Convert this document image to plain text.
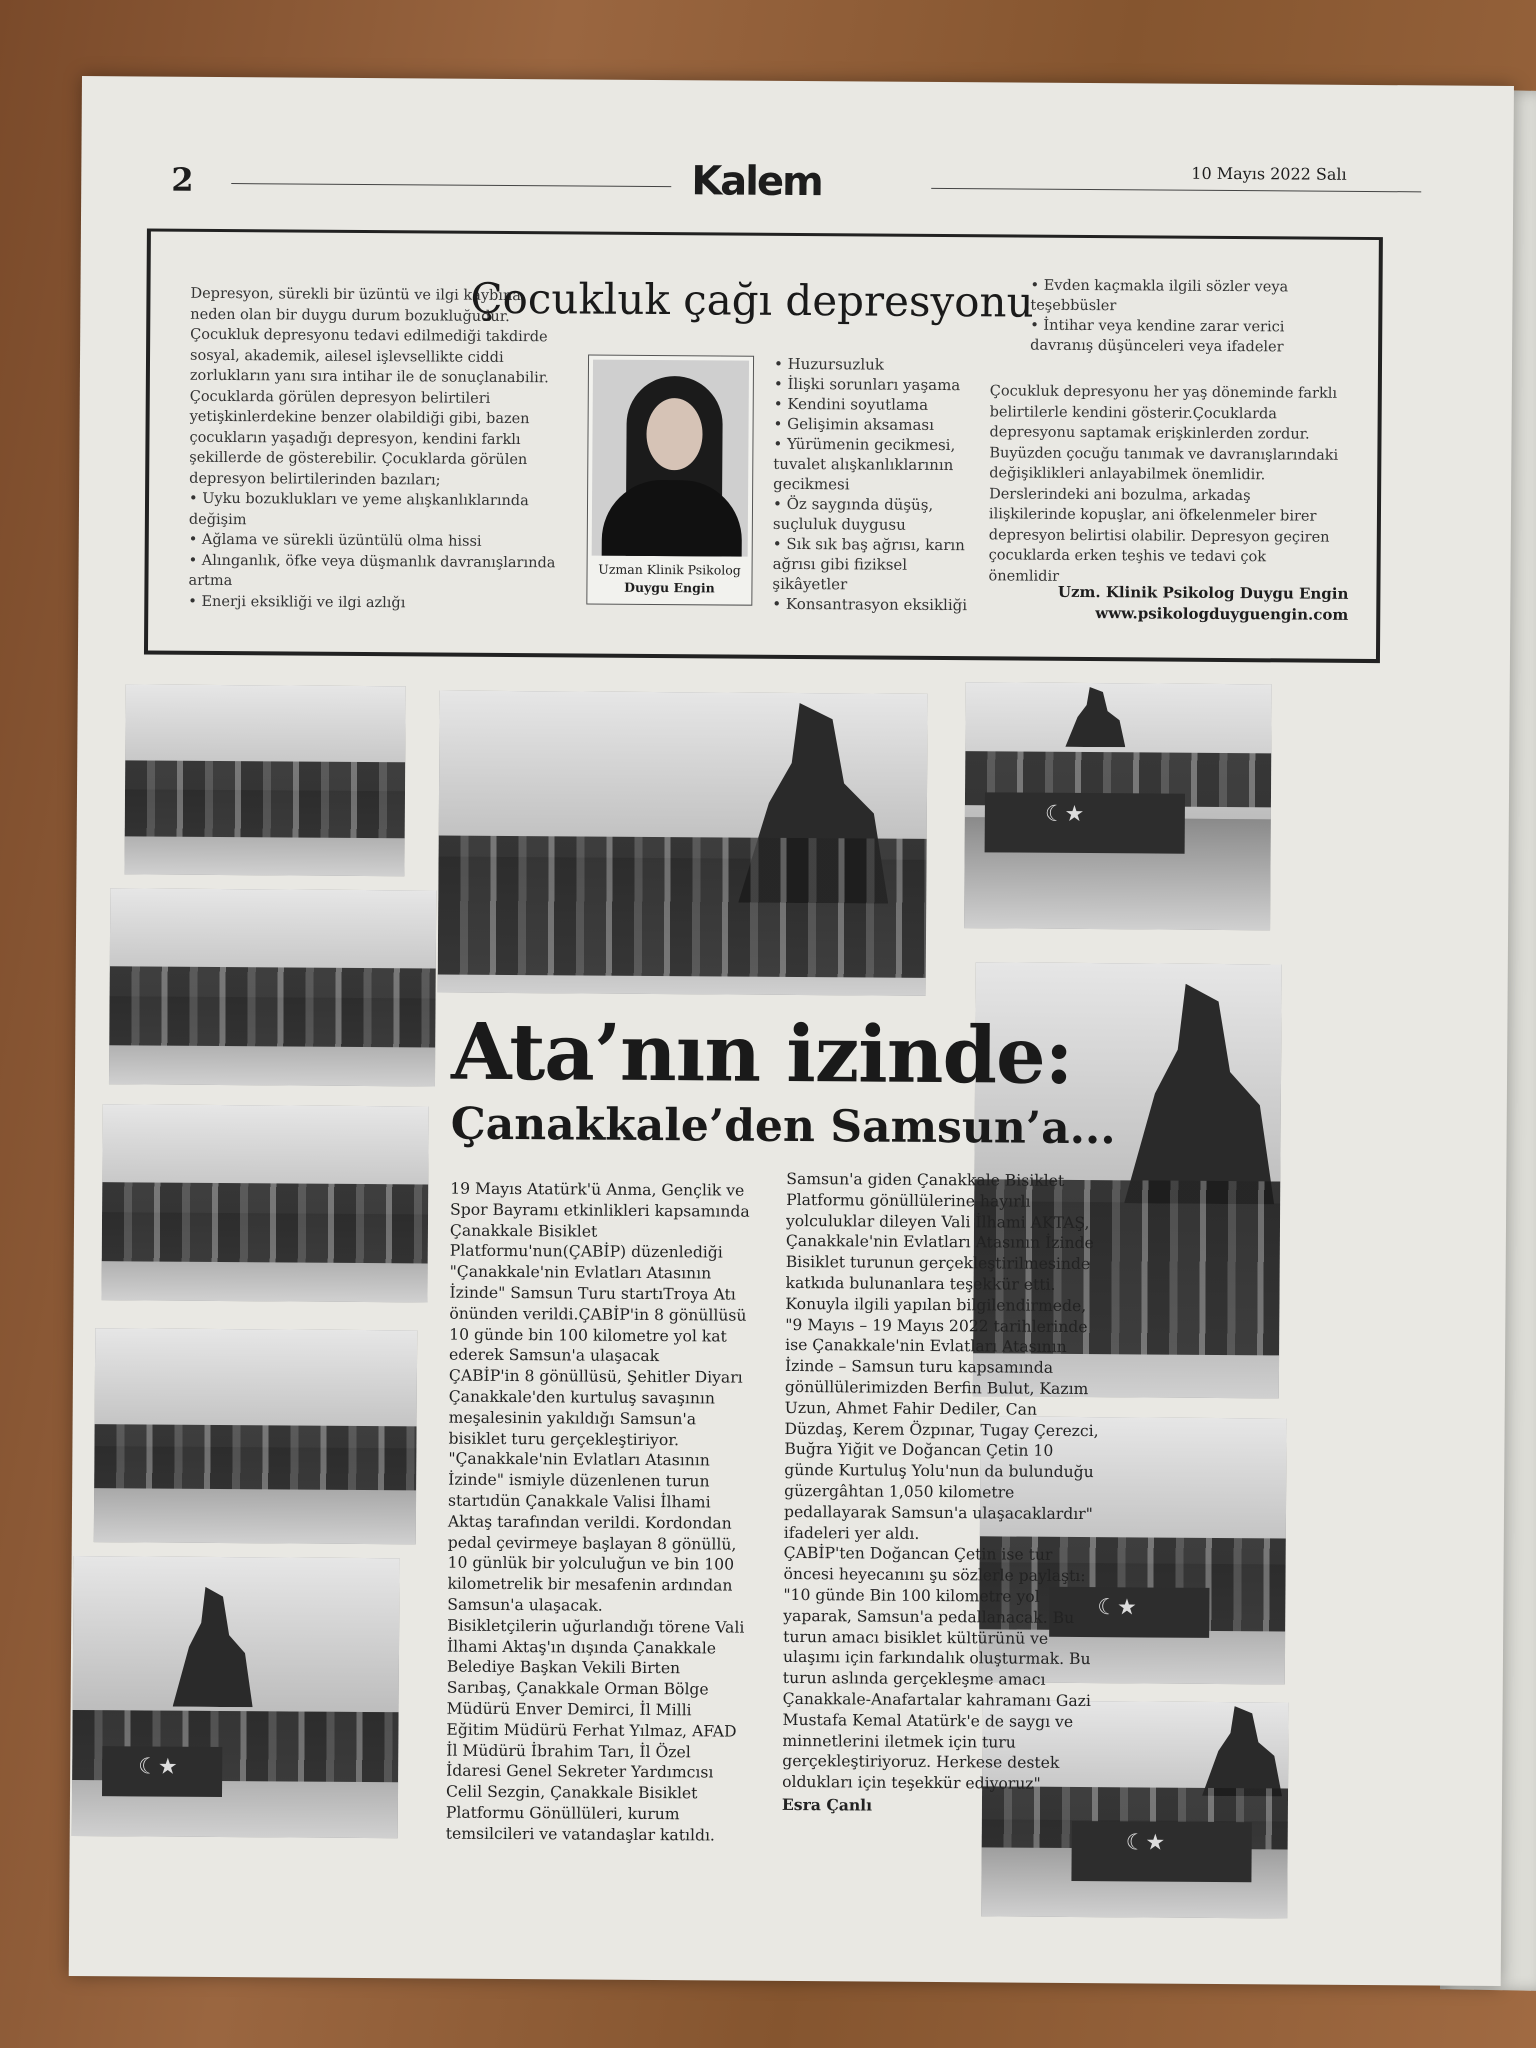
2	Kalem	10 Mayıs 2022 Salı

Depresyon, sürekli bir üzüntü ve ilgi kaybına neden olan bir duygu durum bozukluğudur. Çocukluk depresyonu tedavi edilmediği takdirde sosyal, akademik, ailesel işlevsellikte ciddi zorlukların yanı sıra intihar ile de sonuçlanabilir. Çocuklarda görülen depresyon belirtileri yetişkinlerdekine benzer olabildiği gibi, bazen çocukların yaşadığı depresyon, kendini farklı şekillerde de gösterebilir. Çocuklarda görülen depresyon belirtilerinden bazıları;

• Uyku bozuklukları ve yeme alışkanlıklarında değişim
• Ağlama ve sürekli üzüntülü olma hissi
• Alınganlık, öfke veya düşmanlık davranışlarında artma
• Enerji eksikliği ve ilgi azlığı
Çocukluk çağı depresyonu
Uzman Klinik Psikolog
Duygu Engin
• Huzursuzluk
• İlişki sorunları yaşama
• Kendini soyutlama
• Gelişimin aksaması
• Yürümenin gecikmesi, tuvalet alışkanlıklarının gecikmesi
• Öz saygında düşüş, suçluluk duygusu
• Sık sık baş ağrısı, karın ağrısı gibi fiziksel şikâyetler
• Konsantrasyon eksikliği
• Evden kaçmakla ilgili sözler veya teşebbüsler
• İntihar veya kendine zarar verici davranış düşünceleri veya ifadeler

Çocukluk depresyonu her yaş döneminde farklı belirtilerle kendini gösterir.Çocuklarda depresyonu saptamak erişkinlerden zordur. Buyüzden çocuğu tanımak ve davranışlarındaki değişiklikleri anlayabilmek önemlidir. Derslerindeki ani bozulma, arkadaş ilişkilerinde kopuşlar, ani öfkelenmeler birer depresyon belirtisi olabilir. Depresyon geçiren çocuklarda erken teşhis ve tedavi çok önemlidir

Uzm. Klinik Psikolog Duygu Engin
www.psikologduyguengin.com
☾★
☾★
☾★
☾★
Ata’nın izinde:
Çanakkale’den Samsun’a...

19 Mayıs Atatürk'ü Anma, Gençlik ve Spor Bayramı etkinlikleri kapsamında Çanakkale Bisiklet Platformu'nun(ÇABİP) düzenlediği "Çanakkale'nin Evlatları Atasının İzinde" Samsun Turu startıTroya Atı önünden verildi.ÇABİP'in 8 gönüllüsü 10 günde bin 100 kilometre yol kat ederek Samsun'a ulaşacak

ÇABİP'in 8 gönüllüsü, Şehitler Diyarı Çanakkale'den kurtuluş savaşının meşalesinin yakıldığı Samsun'a bisiklet turu gerçekleştiriyor. "Çanakkale'nin Evlatları Atasının İzinde" ismiyle düzenlenen turun startıdün Çanakkale Valisi İlhami Aktaş tarafından verildi. Kordondan pedal çevirmeye başlayan 8 gönüllü, 10 günlük bir yolculuğun ve bin 100 kilometrelik bir mesafenin ardından Samsun'a ulaşacak.

Bisikletçilerin uğurlandığı törene Vali İlhami Aktaş'ın dışında Çanakkale Belediye Başkan Vekili Birten Sarıbaş, Çanakkale Orman Bölge Müdürü Enver Demirci, İl Milli Eğitim Müdürü Ferhat Yılmaz, AFAD İl Müdürü İbrahim Tarı, İl Özel İdaresi Genel Sekreter Yardımcısı Celil Sezgin, Çanakkale Bisiklet Platformu Gönüllüleri, kurum temsilcileri ve vatandaşlar katıldı.

Samsun'a giden Çanakkale Bisiklet Platformu gönüllülerine hayırlı yolculuklar dileyen Vali İlhami AKTAŞ, Çanakkale'nin Evlatları Atasının İzinde Bisiklet turunun gerçekleştirilmesinde katkıda bulunanlara teşekkür etti.

Konuyla ilgili yapılan bilgilendirmede, "9 Mayıs – 19 Mayıs 2022 tarihlerinde ise Çanakkale'nin Evlatları Atasının İzinde – Samsun turu kapsamında gönüllülerimizden Berfin Bulut, Kazım Uzun, Ahmet Fahir Dediler, Can Düzdaş, Kerem Özpınar, Tugay Çerezci, Buğra Yiğit ve Doğancan Çetin 10 günde Kurtuluş Yolu'nun da bulunduğu güzergâhtan 1,050 kilometre pedallayarak Samsun'a ulaşacaklardır" ifadeleri yer aldı.

ÇABİP'ten Doğancan Çetin ise tur öncesi heyecanını şu sözlerle paylaştı: "10 günde Bin 100 kilometre yol yaparak, Samsun'a pedallanacak. Bu turun amacı bisiklet kültürünü ve ulaşımı için farkındalık oluşturmak. Bu turun aslında gerçekleşme amacı Çanakkale-Anafartalar kahramanı Gazi Mustafa Kemal Atatürk'e de saygı ve minnetlerini iletmek için turu gerçekleştiriyoruz. Herkese destek oldukları için teşekkür ediyoruz"

Esra Çanlı
